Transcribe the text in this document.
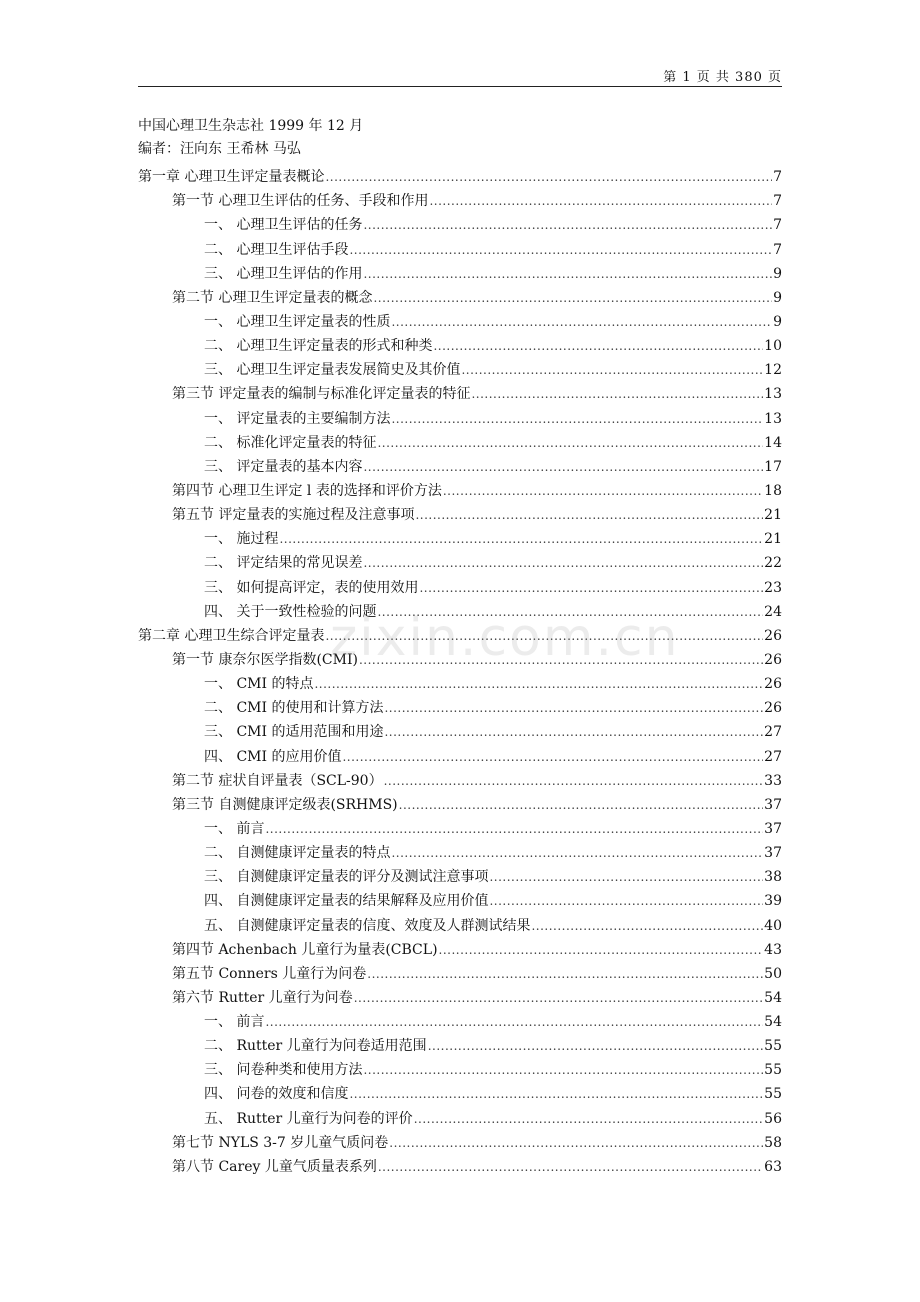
第 1 页 共 380 页
中国心理卫生杂志社 1999 年 12 月
编者：汪向东 王希林 马弘
第一章 心理卫生评定量表概论 .....	7
第一节 心理卫生评估的任务、手段和作用 .....	7
一、 心理卫生评估的任务 .....	7
二、 心理卫生评估手段 .....	7
三、 心理卫生评估的作用 .....	9
第二节 心理卫生评定量表的概念 .....	9
一、 心理卫生评定量表的性质 .....	9
二、 心理卫生评定量表的形式和种类 .....	10
三、 心理卫生评定量表发展简史及其价值 .....	12
第三节 评定量表的编制与标准化评定量表的特征 .....	13
一、 评定量表的主要编制方法 .....	13
二、 标准化评定量表的特征 .....	14
三、 评定量表的基本内容 .....	17
第四节 心理卫生评定 l 表的选择和评价方法 .....	18
第五节 评定量表的实施过程及注意事项 .....	21
一、 施过程 .....	21
二、 评定结果的常见误差 .....	22
三、 如何提高评定，表的使用效用 .....	23
四、 关于一致性检验的问题 .....	24
第二章 心理卫生综合评定量表 .....	26
第一节 康奈尔医学指数(CMI) .....	26
一、 CMI 的特点 .....	26
二、 CMI 的使用和计算方法 .....	26
三、 CMI 的适用范围和用途 .....	27
四、 CMI 的应用价值 .....	27
第二节 症状自评量表（SCL-90） .....	33
第三节 自测健康评定级表(SRHMS) .....	37
一、 前言 .....	37
二、 自测健康评定量表的特点 .....	37
三、 自测健康评定量表的评分及测试注意事项 .....	38
四、 自测健康评定量表的结果解释及应用价值 .....	39
五、 自测健康评定量表的信度、效度及人群测试结果 .....	40
第四节 Achenbach 儿童行为量表(CBCL) .....	43
第五节 Conners 儿童行为问卷 .....	50
第六节 Rutter 儿童行为问卷 .....	54
一、 前言 .....	54
二、 Rutter 儿童行为问卷适用范围 .....	55
三、 问卷种类和使用方法 .....	55
四、 问卷的效度和信度 .....	55
五、 Rutter 儿童行为问卷的评价 .....	56
第七节 NYLS 3-7 岁儿童气质问卷 .....	58
第八节 Carey 儿童气质量表系列 .....	63
zixin.com.cn
